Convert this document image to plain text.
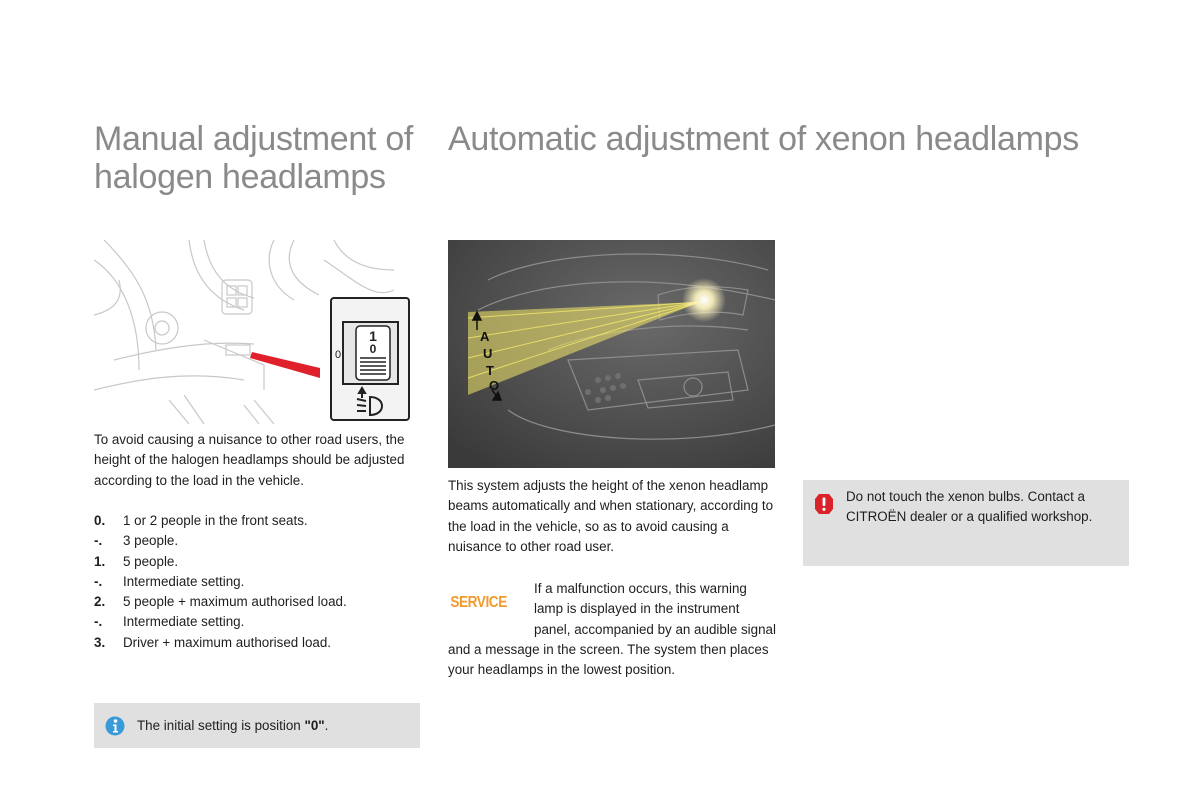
Manual adjustment of halogen headlamps
Automatic adjustment of xenon headlamps
1
0
0
A
U
T
O
To avoid causing a nuisance to other road users, the height of the halogen headlamps should be adjusted according to the load in the vehicle.
0.	1 or 2 people in the front seats.
-.	3 people.
1.	5 people.
-.	Intermediate setting.
2.	5 people + maximum authorised load.
-.	Intermediate setting.
3.	Driver + maximum authorised load.
The initial setting is position "0".
This system adjusts the height of the xenon headlamp beams automatically and when stationary, according to the load in the vehicle, so as to avoid causing a nuisance to other road user.
SERVICE
If a malfunction occurs, this warning lamp is displayed in the instrument panel, accompanied by an audible signal and a message in the screen. The system then places your headlamps in the lowest position.
Do not touch the xenon bulbs. Contact a CITROËN dealer or a qualified workshop.
